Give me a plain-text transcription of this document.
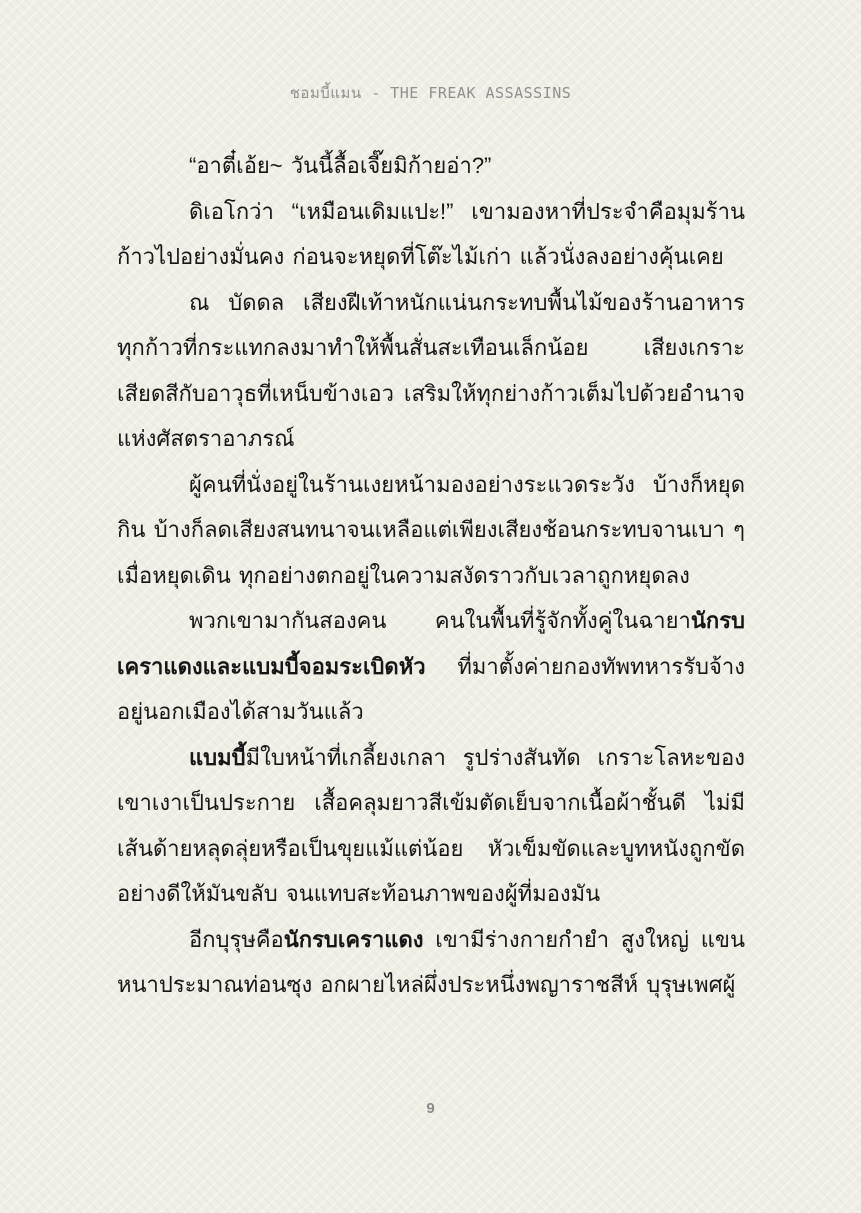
ชอมบี้แมน - THE FREAK ASSASSINS

“อาตี๋เอ้ย~ วันนี้ลื้อเจี๊ยมิก้ายอ่า?”

ดิเอโกว่า “เหมือนเดิมแปะ!” เขามองหาที่ประจำคือมุมร้าน ก้าวไปอย่างมั่นคง ก่อนจะหยุดที่โต๊ะไม้เก่า แล้วนั่งลงอย่างคุ้นเคย

ณ บัดดล เสียงฝีเท้าหนักแน่นกระทบพื้นไม้ของร้านอาหาร ทุกก้าวที่กระแทกลงมาทำให้พื้นสั่นสะเทือนเล็กน้อย เสียงเกราะเสียดสีกับอาวุธที่เหน็บข้างเอว เสริมให้ทุกย่างก้าวเต็มไปด้วยอำนาจแห่งศัสตราอาภรณ์

ผู้คนที่นั่งอยู่ในร้านเงยหน้ามองอย่างระแวดระวัง บ้างก็หยุดกิน บ้างก็ลดเสียงสนทนาจนเหลือแต่เพียงเสียงช้อนกระทบจานเบา ๆ เมื่อหยุดเดิน ทุกอย่างตกอยู่ในความสงัดราวกับเวลาถูกหยุดลง

พวกเขามากันสองคน คนในพื้นที่รู้จักทั้งคู่ในฉายานักรบเคราแดงและแบมบี้จอมระเบิดหัว ที่มาตั้งค่ายกองทัพทหารรับจ้างอยู่นอกเมืองได้สามวันแล้ว

แบมบี้มีใบหน้าที่เกลี้ยงเกลา รูปร่างสันทัด เกราะโลหะของเขาเงาเป็นประกาย เสื้อคลุมยาวสีเข้มตัดเย็บจากเนื้อผ้าชั้นดี ไม่มีเส้นด้ายหลุดลุ่ยหรือเป็นขุยแม้แต่น้อย หัวเข็มขัดและบูทหนังถูกขัดอย่างดีให้มันขลับ จนแทบสะท้อนภาพของผู้ที่มองมัน

อีกบุรุษคือนักรบเคราแดง เขามีร่างกายกำยำ สูงใหญ่ แขนหนาประมาณท่อนซุง อกผายไหล่ผึ่งประหนึ่งพญาราชสีห์ บุรุษเพศผู้

9
